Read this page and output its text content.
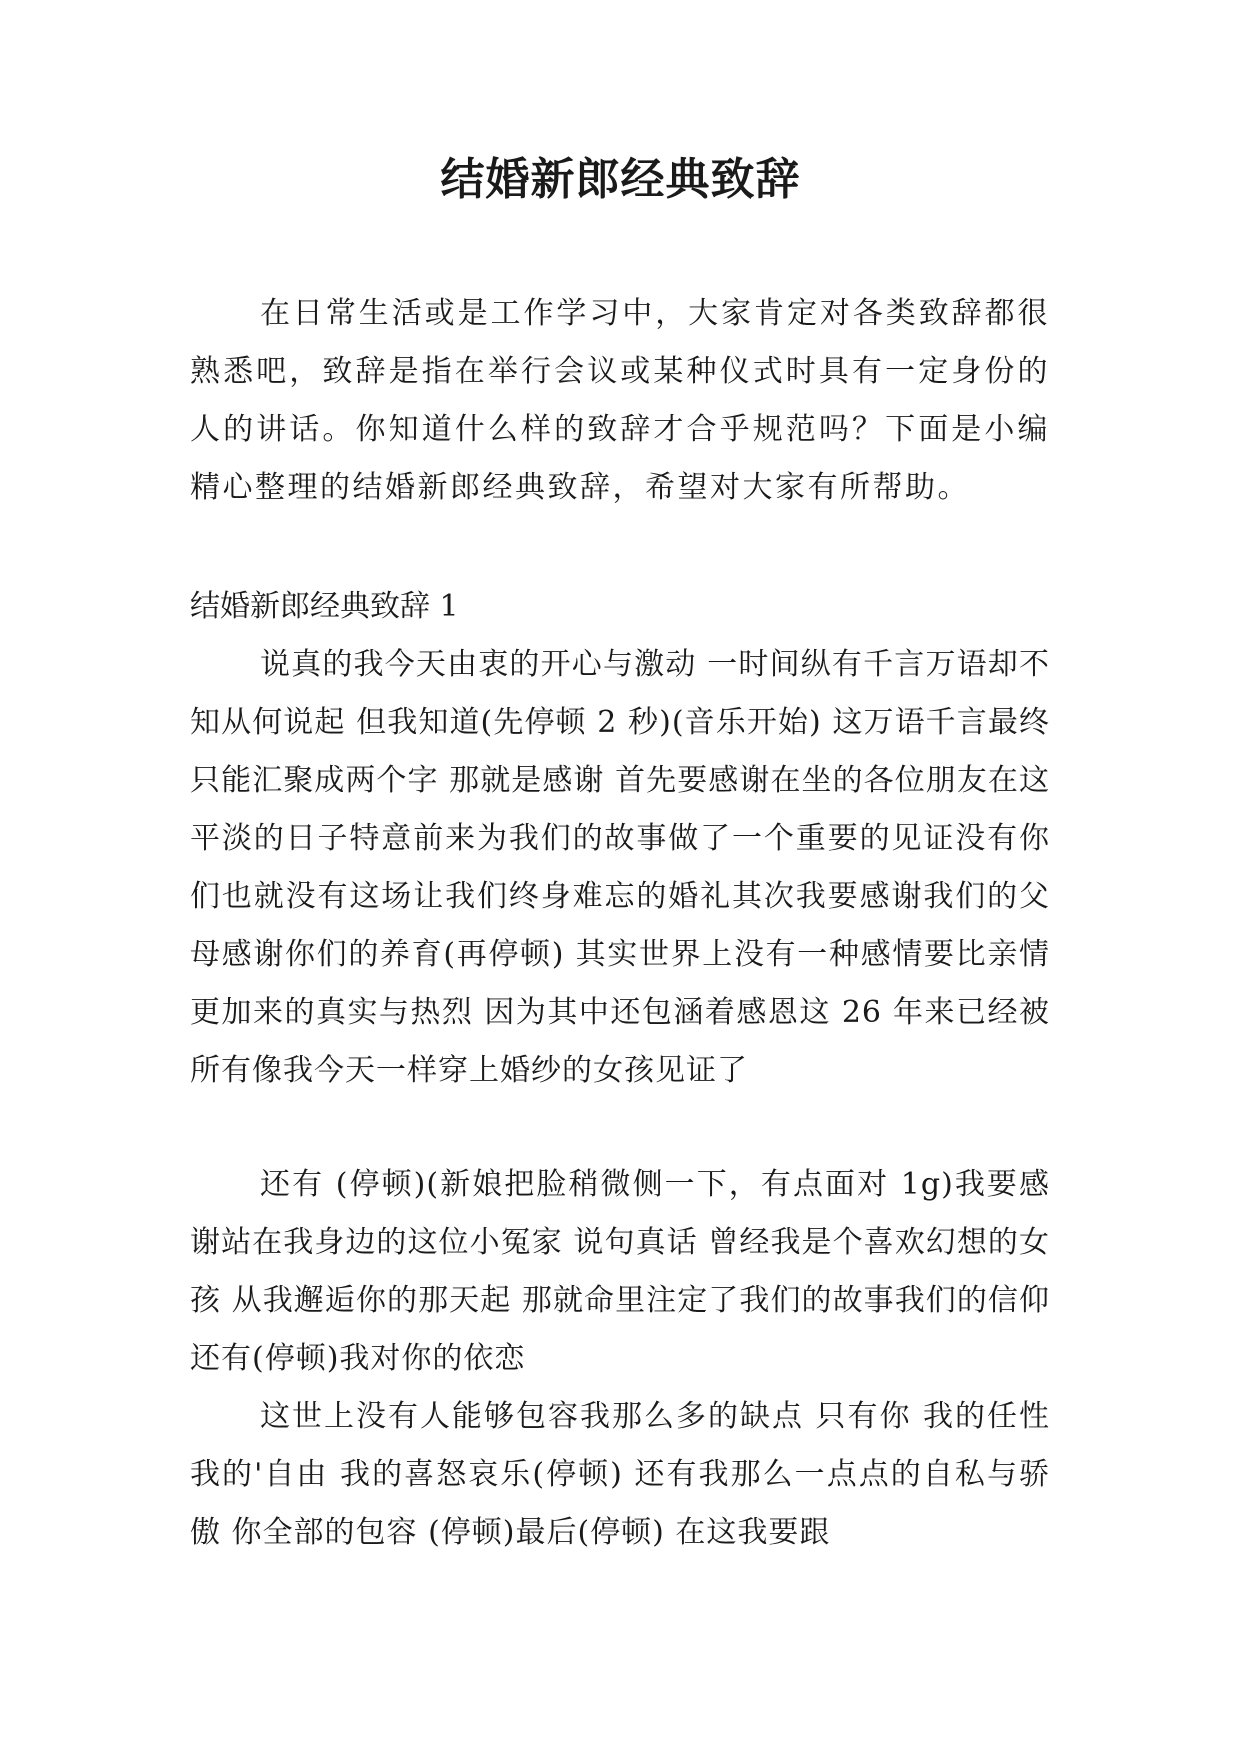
结婚新郎经典致辞

在日常生活或是工作学习中，大家肯定对各类致辞都很熟悉吧，致辞是指在举行会议或某种仪式时具有一定身份的人的讲话。你知道什么样的致辞才合乎规范吗？下面是小编精心整理的结婚新郎经典致辞，希望对大家有所帮助。

结婚新郎经典致辞 1

说真的我今天由衷的开心与激动 一时间纵有千言万语却不知从何说起 但我知道(先停顿 2 秒)(音乐开始) 这万语千言最终只能汇聚成两个字 那就是感谢 首先要感谢在坐的各位朋友在这平淡的日子特意前来为我们的故事做了一个重要的见证没有你们也就没有这场让我们终身难忘的婚礼其次我要感谢我们的父母感谢你们的养育(再停顿) 其实世界上没有一种感情要比亲情更加来的真实与热烈 因为其中还包涵着感恩这 26 年来已经被所有像我今天一样穿上婚纱的女孩见证了

还有 (停顿)(新娘把脸稍微侧一下，有点面对 1g)我要感谢站在我身边的这位小冤家 说句真话 曾经我是个喜欢幻想的女孩 从我邂逅你的那天起 那就命里注定了我们的故事我们的信仰还有(停顿)我对你的依恋

这世上没有人能够包容我那么多的缺点 只有你 我的任性 我的'自由 我的喜怒哀乐(停顿) 还有我那么一点点的自私与骄傲 你全部的包容 (停顿)最后(停顿) 在这我要跟
